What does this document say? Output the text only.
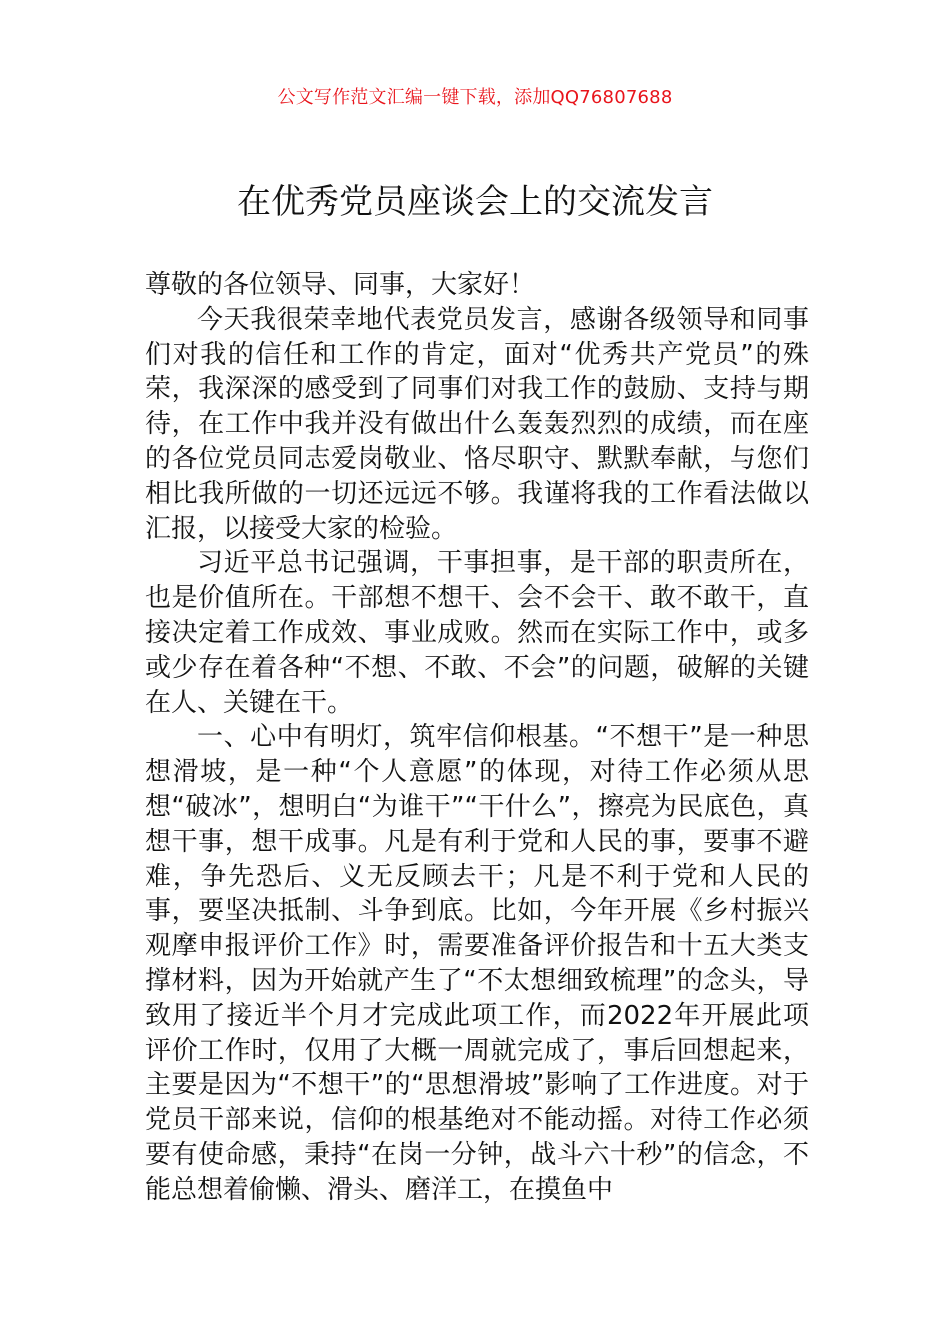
公文写作范文汇编一键下载，添加QQ76807688
在优秀党员座谈会上的交流发言

尊敬的各位领导、同事，大家好！

今天我很荣幸地代表党员发言，感谢各级领导和同事们对我的信任和工作的肯定，面对“优秀共产党员”的殊荣，我深深的感受到了同事们对我工作的鼓励、支持与期待，在工作中我并没有做出什么轰轰烈烈的成绩，而在座的各位党员同志爱岗敬业、恪尽职守、默默奉献，与您们相比我所做的一切还远远不够。我谨将我的工作看法做以汇报，以接受大家的检验。

习近平总书记强调，干事担事，是干部的职责所在，也是价值所在。干部想不想干、会不会干、敢不敢干，直接决定着工作成效、事业成败。然而在实际工作中，或多或少存在着各种“不想、不敢、不会”的问题，破解的关键在人、关键在干。

一、心中有明灯，筑牢信仰根基。“不想干”是一种思想滑坡，是一种“个人意愿”的体现，对待工作必须从思想“破冰”，想明白“为谁干”“干什么”，擦亮为民底色，真想干事，想干成事。凡是有利于党和人民的事，要事不避难，争先恐后、义无反顾去干；凡是不利于党和人民的事，要坚决抵制、斗争到底。比如，今年开展《乡村振兴观摩申报评价工作》时，需要准备评价报告和十五大类支撑材料，因为开始就产生了“不太想细致梳理”的念头，导致用了接近半个月才完成此项工作，而2022年开展此项评价工作时，仅用了大概一周就完成了，事后回想起来，主要是因为“不想干”的“思想滑坡”影响了工作进度。对于党员干部来说，信仰的根基绝对不能动摇。对待工作必须要有使命感，秉持“在岗一分钟，战斗六十秒”的信念，不能总想着偷懒、滑头、磨洋工，在摸鱼中
